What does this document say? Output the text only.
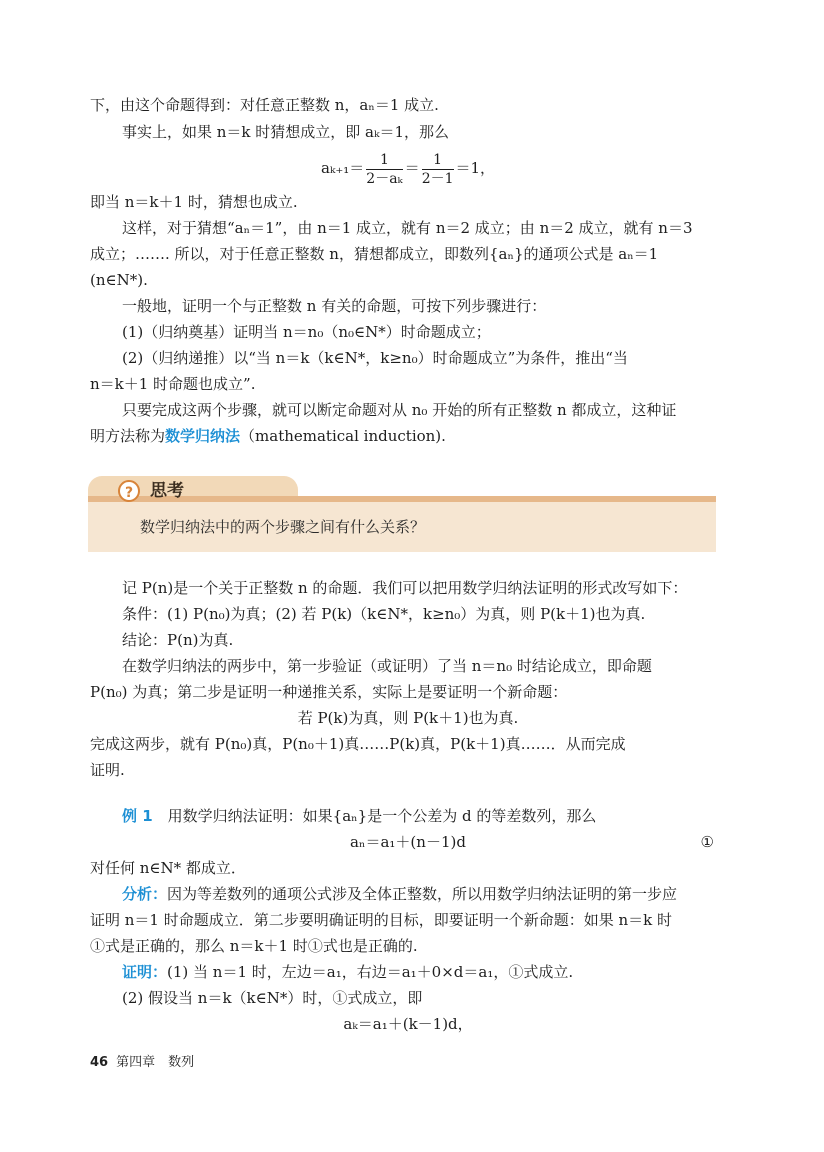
下，由这个命题得到：对任意正整数 n，aₙ＝1 成立.
事实上，如果 n＝k 时猜想成立，即 aₖ＝1，那么
$a_{k+1}= \frac{1}{\text{2－aₖ}} = \frac{1}{2-1} =1$，
即当 n＝k＋1 时，猜想也成立.
这样，对于猜想“aₙ＝1”，由 n＝1 成立，就有 n＝2 成立；由 n＝2 成立，就有 n＝3
成立；……. 所以，对于任意正整数 n，猜想都成立，即数列{aₙ}的通项公式是 aₙ＝1
(n∈N*).
一般地，证明一个与正整数 n 有关的命题，可按下列步骤进行：
(1)（归纳奠基）证明当 n＝n₀（n₀∈N*）时命题成立；
(2)（归纳递推）以“当 n＝k（k∈N*，k≥n₀）时命题成立”为条件，推出“当
n＝k＋1 时命题也成立”.
只要完成这两个步骤，就可以断定命题对从 n₀ 开始的所有正整数 n 都成立，这种证
明方法称为数学归纳法（mathematical induction).
? 思考
数学归纳法中的两个步骤之间有什么关系？
记 P(n)是一个关于正整数 n 的命题．我们可以把用数学归纳法证明的形式改写如下：
条件：(1) P(n₀)为真；(2) 若 P(k)（k∈N*，k≥n₀）为真，则 P(k＋1)也为真.
结论：P(n)为真.
在数学归纳法的两步中，第一步验证（或证明）了当 n＝n₀ 时结论成立，即命题
P(n₀) 为真；第二步是证明一种递推关系，实际上是要证明一个新命题：
若 P(k)为真，则 P(k＋1)也为真.
完成这两步，就有 P(n₀)真，P(n₀＋1)真……P(k)真，P(k＋1)真……．从而完成
证明.
例 1　用数学归纳法证明：如果{aₙ}是一个公差为 d 的等差数列，那么
aₙ＝a₁＋(n－1)d	①
对任何 n∈N* 都成立．
分析：因为等差数列的通项公式涉及全体正整数，所以用数学归纳法证明的第一步应
证明 n＝1 时命题成立．第二步要明确证明的目标，即要证明一个新命题：如果 n＝k 时
①式是正确的，那么 n＝k＋1 时①式也是正确的.
证明：(1) 当 n＝1 时，左边＝a₁，右边＝a₁＋0×d＝a₁，①式成立.
(2) 假设当 n＝k（k∈N*）时，①式成立，即
aₖ＝a₁＋(k－1)d，
46 第四章　数列
